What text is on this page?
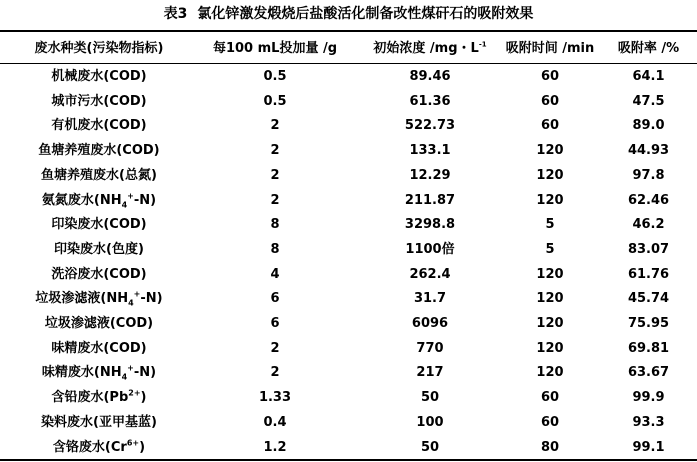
表3 氯化锌激发煅烧后盐酸活化制备改性煤矸石的吸附效果
废水种类(污染物指标)	每100 mL投加量 /g	初始浓度 /mg・$L^{-1}$	吸附时间 /min	吸附率 /%
机械废水(COD)	0.5	89.46	60	64.1
城市污水(COD)	0.5	61.36	60	47.5
有机废水(COD)	2	522.73	60	89.0
鱼塘养殖废水(COD)	2	133.1	120	44.93
鱼塘养殖废水(总氮)	2	12.29	120	97.8
氨氮废水$(NH_4^+-N)$	2	211.87	120	62.46
印染废水(COD)	8	3298.8	5	46.2
印染废水(色度)	8	1100倍	5	83.07
洗浴废水(COD)	4	262.4	120	61.76
垃圾渗滤液$(NH_4^+-N)$	6	31.7	120	45.74
垃圾渗滤液(COD)	6	6096	120	75.95
味精废水(COD)	2	770	120	69.81
味精废水$(NH_4^+-N)$	2	217	120	63.67
含铅废水$(Pb^{2+})$	1.33	50	60	99.9
染料废水(亚甲基蓝)	0.4	100	60	93.3
含铬废水$(Cr^{6+})$	1.2	50	80	99.1
